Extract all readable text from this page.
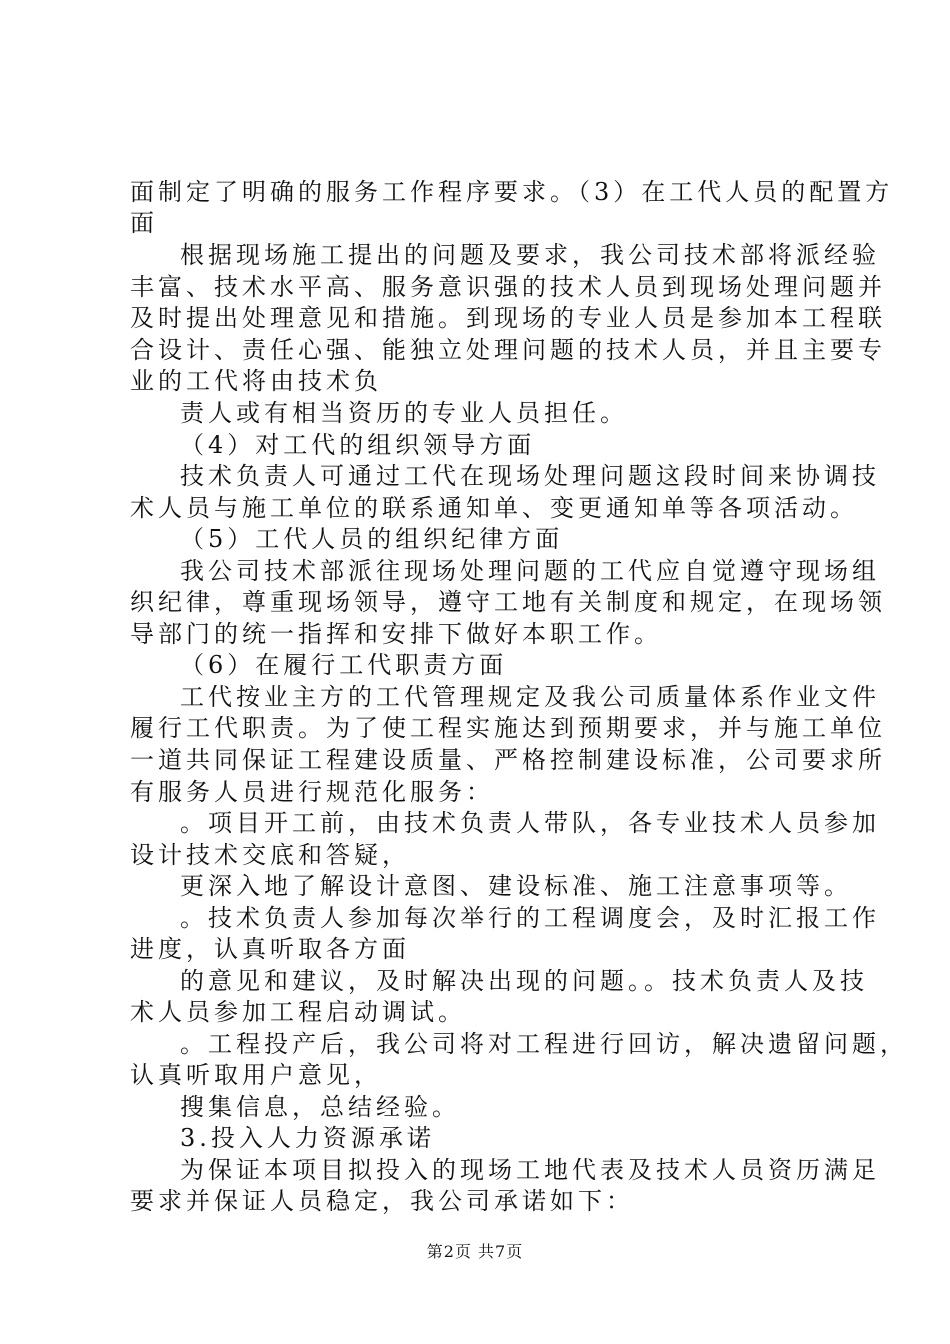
面制定了明确的服务工作程序要求。（3）在工代人员的配置方
面
根据现场施工提出的问题及要求，我公司技术部将派经验
丰富、技术水平高、服务意识强的技术人员到现场处理问题并
及时提出处理意见和措施。到现场的专业人员是参加本工程联
合设计、责任心强、能独立处理问题的技术人员，并且主要专
业的工代将由技术负
责人或有相当资历的专业人员担任。
（4）对工代的组织领导方面
技术负责人可通过工代在现场处理问题这段时间来协调技
术人员与施工单位的联系通知单、变更通知单等各项活动。
（5）工代人员的组织纪律方面
我公司技术部派往现场处理问题的工代应自觉遵守现场组
织纪律，尊重现场领导，遵守工地有关制度和规定，在现场领
导部门的统一指挥和安排下做好本职工作。
（6）在履行工代职责方面
工代按业主方的工代管理规定及我公司质量体系作业文件
履行工代职责。为了使工程实施达到预期要求，并与施工单位
一道共同保证工程建设质量、严格控制建设标准，公司要求所
有服务人员进行规范化服务：
。项目开工前，由技术负责人带队，各专业技术人员参加
设计技术交底和答疑，
更深入地了解设计意图、建设标准、施工注意事项等。
。技术负责人参加每次举行的工程调度会，及时汇报工作
进度，认真听取各方面
的意见和建议，及时解决出现的问题。。技术负责人及技
术人员参加工程启动调试。
。工程投产后，我公司将对工程进行回访，解决遗留问题，
认真听取用户意见，
搜集信息，总结经验。
3.投入人力资源承诺
为保证本项目拟投入的现场工地代表及技术人员资历满足
要求并保证人员稳定，我公司承诺如下：
第2页 共7页
